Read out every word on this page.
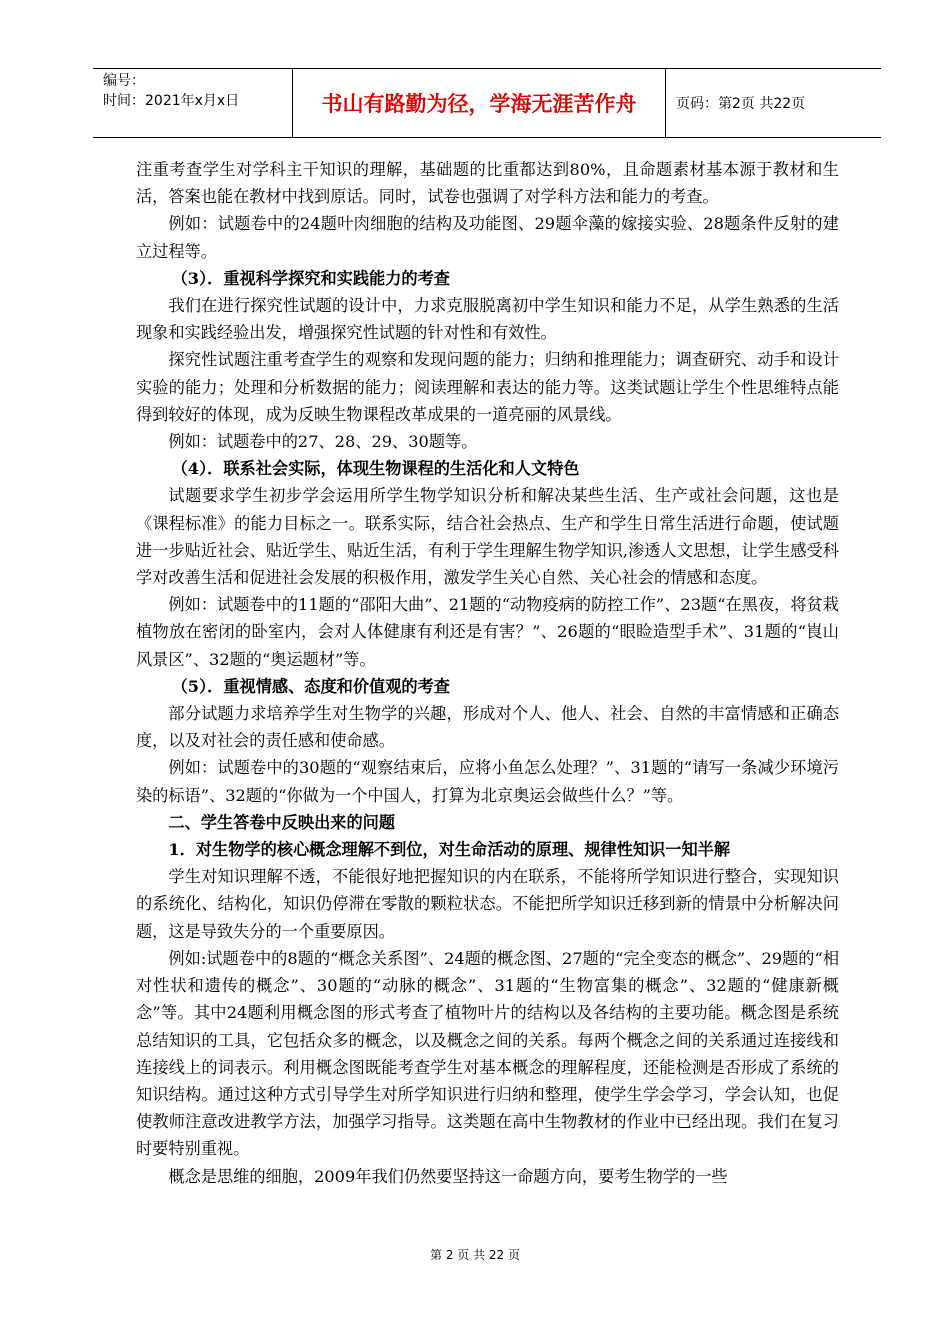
编号：
时间：2021年x月x日	书山有路勤为径，学海无涯苦作舟	页码：第2页 共22页

注重考查学生对学科主干知识的理解，基础题的比重都达到80%，且命题素材基本源于教材和生活，答案也能在教材中找到原话。同时，试卷也强调了对学科方法和能力的考查。

例如：试题卷中的24题叶肉细胞的结构及功能图、29题伞藻的嫁接实验、28题条件反射的建立过程等。

（3）．重视科学探究和实践能力的考查

我们在进行探究性试题的设计中，力求克服脱离初中学生知识和能力不足，从学生熟悉的生活现象和实践经验出发，增强探究性试题的针对性和有效性。

探究性试题注重考查学生的观察和发现问题的能力；归纳和推理能力；调查研究、动手和设计实验的能力；处理和分析数据的能力；阅读理解和表达的能力等。这类试题让学生个性思维特点能得到较好的体现，成为反映生物课程改革成果的一道亮丽的风景线。

例如：试题卷中的27、28、29、30题等。

（4）．联系社会实际，体现生物课程的生活化和人文特色

试题要求学生初步学会运用所学生物学知识分析和解决某些生活、生产或社会问题，这也是《课程标准》的能力目标之一。联系实际，结合社会热点、生产和学生日常生活进行命题，使试题进一步贴近社会、贴近学生、贴近生活，有利于学生理解生物学知识,渗透人文思想，让学生感受科学对改善生活和促进社会发展的积极作用，激发学生关心自然、关心社会的情感和态度。

例如：试题卷中的11题的“邵阳大曲”、21题的“动物疫病的防控工作”、23题“在黑夜，将贫栽植物放在密闭的卧室内，会对人体健康有利还是有害？”、26题的“眼睑造型手术”、31题的“崀山风景区”、32题的“奥运题材”等。

（5）．重视情感、态度和价值观的考查

部分试题力求培养学生对生物学的兴趣，形成对个人、他人、社会、自然的丰富情感和正确态度，以及对社会的责任感和使命感。

例如：试题卷中的30题的“观察结束后，应将小鱼怎么处理？”、31题的“请写一条减少环境污染的标语”、32题的“你做为一个中国人，打算为北京奥运会做些什么？”等。

二、学生答卷中反映出来的问题

1．对生物学的核心概念理解不到位，对生命活动的原理、规律性知识一知半解

学生对知识理解不透，不能很好地把握知识的内在联系，不能将所学知识进行整合，实现知识的系统化、结构化，知识仍停滞在零散的颗粒状态。不能把所学知识迁移到新的情景中分析解决问题，这是导致失分的一个重要原因。

例如:试题卷中的8题的“概念关系图”、24题的概念图、27题的“完全变态的概念”、29题的“相对性状和遗传的概念”、30题的“动脉的概念”、31题的“生物富集的概念”、32题的“健康新概念”等。其中24题利用概念图的形式考查了植物叶片的结构以及各结构的主要功能。概念图是系统总结知识的工具，它包括众多的概念，以及概念之间的关系。每两个概念之间的关系通过连接线和连接线上的词表示。利用概念图既能考查学生对基本概念的理解程度，还能检测是否形成了系统的知识结构。通过这种方式引导学生对所学知识进行归纳和整理，使学生学会学习，学会认知，也促使教师注意改进教学方法，加强学习指导。这类题在高中生物教材的作业中已经出现。我们在复习时要特别重视。

概念是思维的细胞，2009年我们仍然要坚持这一命题方向，要考生物学的一些

第 2 页 共 22 页
